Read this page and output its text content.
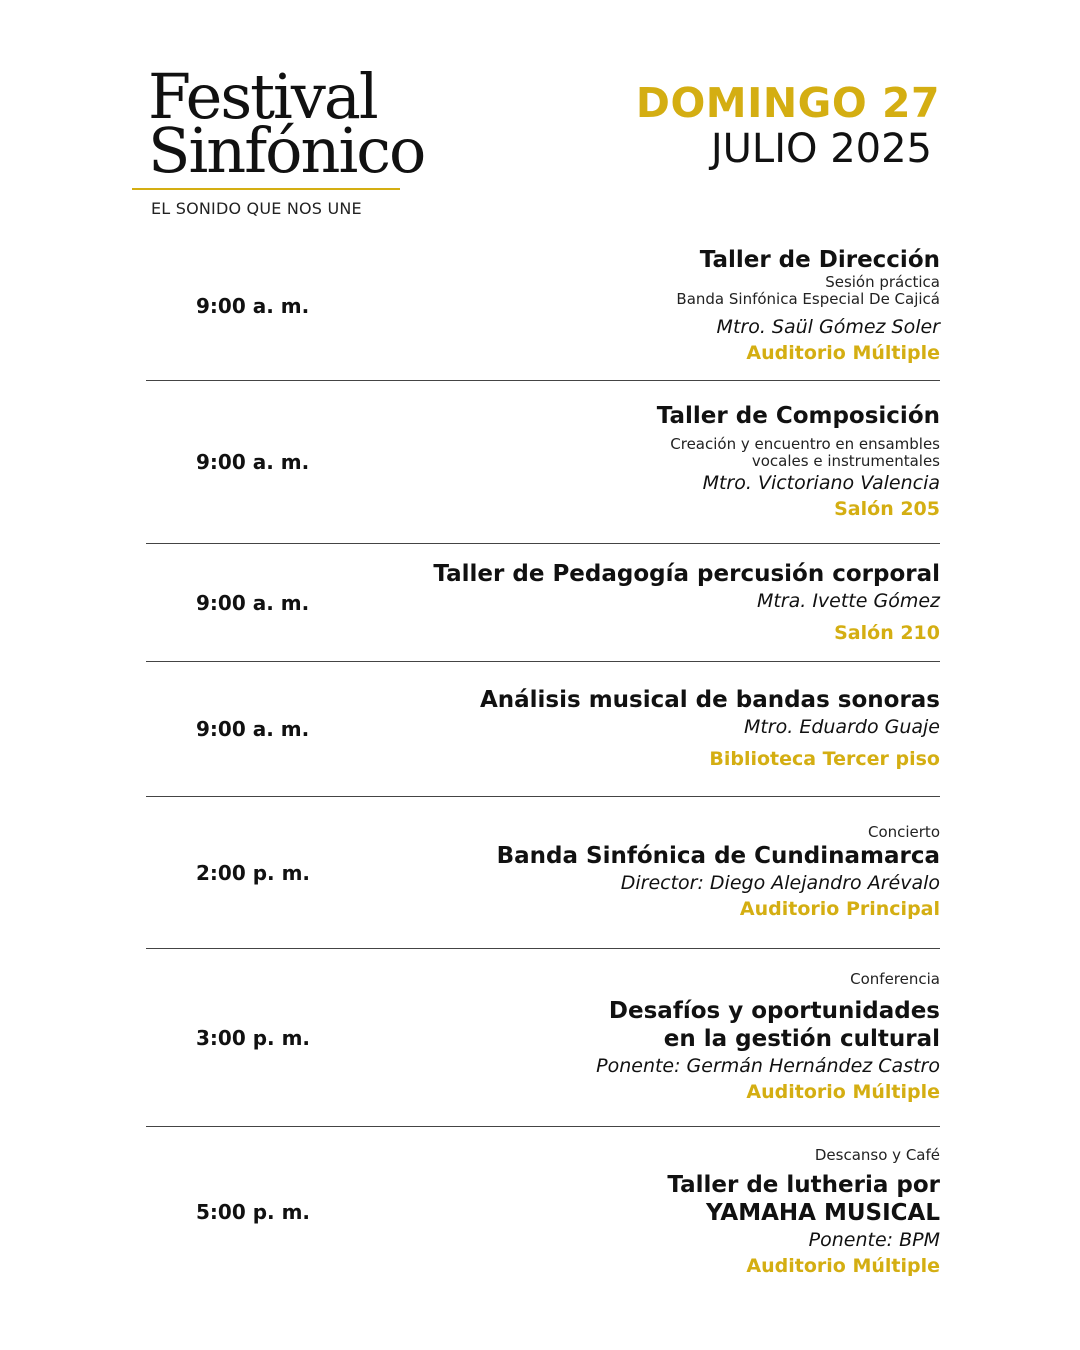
Festival
Sinfónico
EL SONIDO QUE NOS UNE
DOMINGO 27
JULIO 2025
9:00 a. m.
Taller de Dirección
Sesión práctica
Banda Sinfónica Especial De Cajicá
Mtro. Saül Gómez Soler
Auditorio Múltiple
9:00 a. m.
Taller de Composición
Creación y encuentro en ensambles
vocales e instrumentales
Mtro. Victoriano Valencia
Salón 205
9:00 a. m.
Taller de Pedagogía percusión corporal
Mtra. Ivette Gómez
Salón 210
9:00 a. m.
Análisis musical de bandas sonoras
Mtro. Eduardo Guaje
Biblioteca Tercer piso
2:00 p. m.
Concierto
Banda Sinfónica de Cundinamarca
Director: Diego Alejandro Arévalo
Auditorio Principal
3:00 p. m.
Conferencia
Desafíos y oportunidades
en la gestión cultural
Ponente: Germán Hernández Castro
Auditorio Múltiple
5:00 p. m.
Descanso y Café
Taller de lutheria por
YAMAHA MUSICAL
Ponente: BPM
Auditorio Múltiple
